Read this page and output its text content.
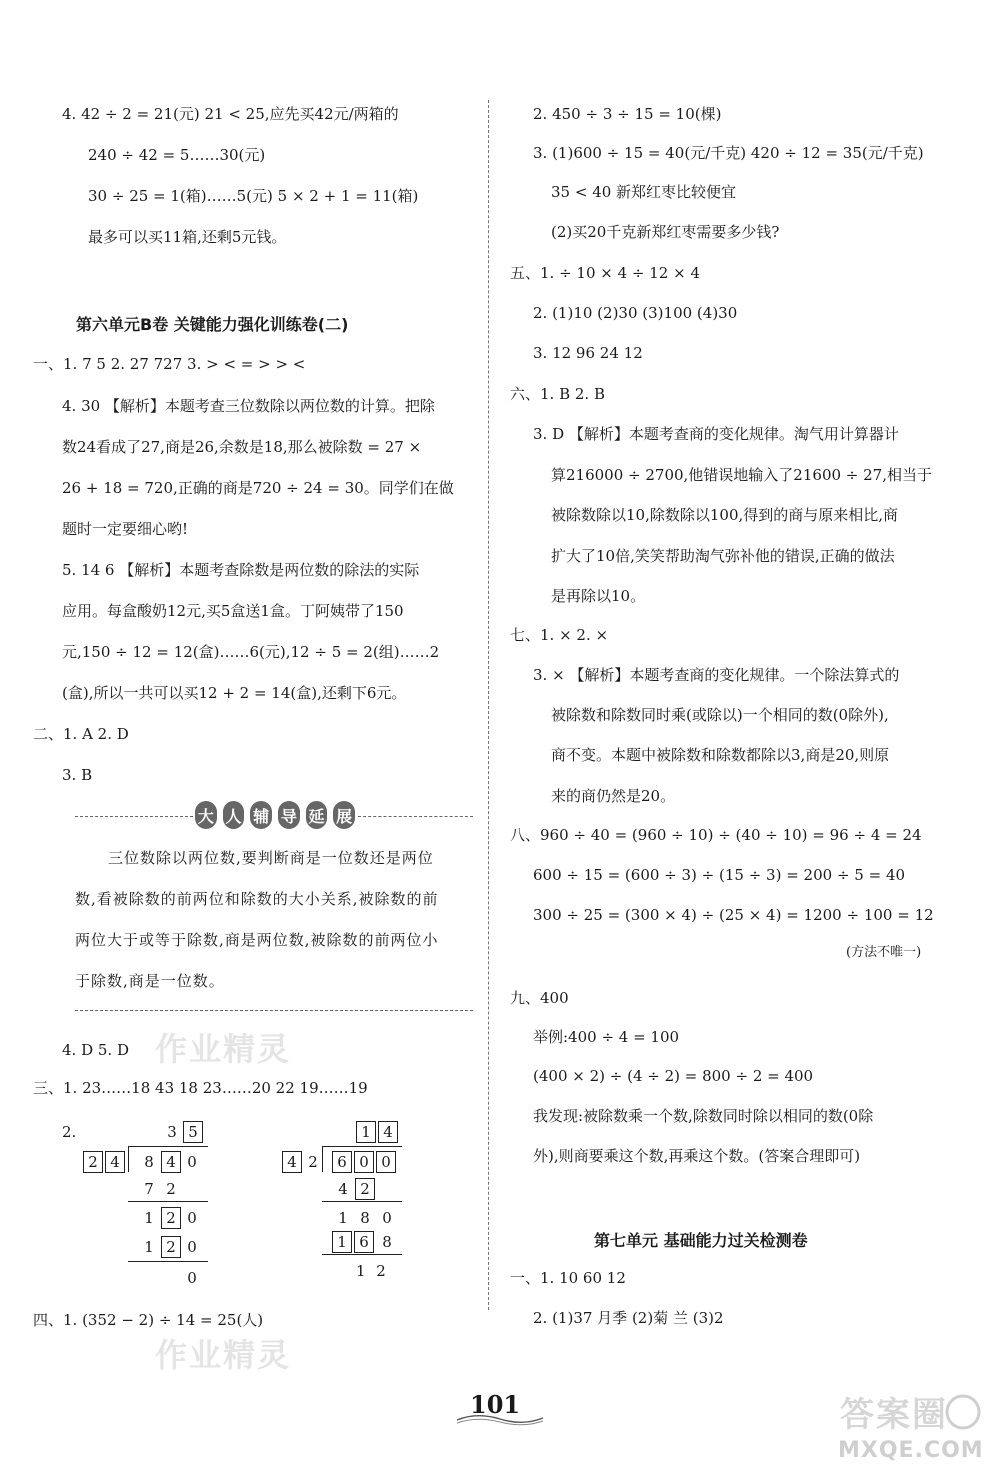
4. 42 ÷ 2 = 21(元) 21 < 25,应先买42元/两箱的
240 ÷ 42 = 5……30(元)
30 ÷ 25 = 1(箱)……5(元) 5 × 2 + 1 = 11(箱)
最多可以买11箱,还剩5元钱。
第六单元B卷 关键能力强化训练卷(二)
一、1. 7 5 2. 27 727 3. > < = > > <
4. 30 【解析】本题考查三位数除以两位数的计算。把除
数24看成了27,商是26,余数是18,那么被除数 = 27 ×
26 + 18 = 720,正确的商是720 ÷ 24 = 30。同学们在做
题时一定要细心哟!
5. 14 6 【解析】本题考查除数是两位数的除法的实际
应用。每盒酸奶12元,买5盒送1盒。丁阿姨带了150
元,150 ÷ 12 = 12(盒)……6(元),12 ÷ 5 = 2(组)……2
(盒),所以一共可以买12 + 2 = 14(盒),还剩下6元。
二、1. A 2. D
3. B
大 人 辅 导 延 展
三位数除以两位数,要判断商是一位数还是两位
数,看被除数的前两位和除数的大小关系,被除数的前
两位大于或等于除数,商是两位数,被除数的前两位小
于除数,商是一位数。
4. D 5. D 作业精灵
三、1. 23……18 43 18 23……20 22 19……19
2.	3 5
2 4	8 4 0
7 2
1 2 0
1 2 0
0
1 4
4 2	6 0 0
4 2
1 8 0
1 6 8
1 2
四、1. (352 − 2) ÷ 14 = 25(人)
作业精灵
2. 450 ÷ 3 ÷ 15 = 10(棵)
3. (1)600 ÷ 15 = 40(元/千克) 420 ÷ 12 = 35(元/千克)
35 < 40 新郑红枣比较便宜
(2)买20千克新郑红枣需要多少钱?
五、1. ÷ 10 × 4 ÷ 12 × 4
2. (1)10 (2)30 (3)100 (4)30
3. 12 96 24 12
六、1. B 2. B
3. D 【解析】本题考查商的变化规律。淘气用计算器计
算216000 ÷ 2700,他错误地输入了21600 ÷ 27,相当于
被除数除以10,除数除以100,得到的商与原来相比,商
扩大了10倍,笑笑帮助淘气弥补他的错误,正确的做法
是再除以10。
七、1. × 2. ×
3. × 【解析】本题考查商的变化规律。一个除法算式的
被除数和除数同时乘(或除以)一个相同的数(0除外),
商不变。本题中被除数和除数都除以3,商是20,则原
来的商仍然是20。
八、960 ÷ 40 = (960 ÷ 10) ÷ (40 ÷ 10) = 96 ÷ 4 = 24
600 ÷ 15 = (600 ÷ 3) ÷ (15 ÷ 3) = 200 ÷ 5 = 40
300 ÷ 25 = (300 × 4) ÷ (25 × 4) = 1200 ÷ 100 = 12
(方法不唯一)
九、400
举例:400 ÷ 4 = 100
(400 × 2) ÷ (4 ÷ 2) = 800 ÷ 2 = 400
我发现:被除数乘一个数,除数同时除以相同的数(0除
外),则商要乘这个数,再乘这个数。(答案合理即可)
第七单元 基础能力过关检测卷
一、1. 10 60 12
2. (1)37 月季 (2)菊 兰 (3)2
101	答案圈
MXQE.COM
